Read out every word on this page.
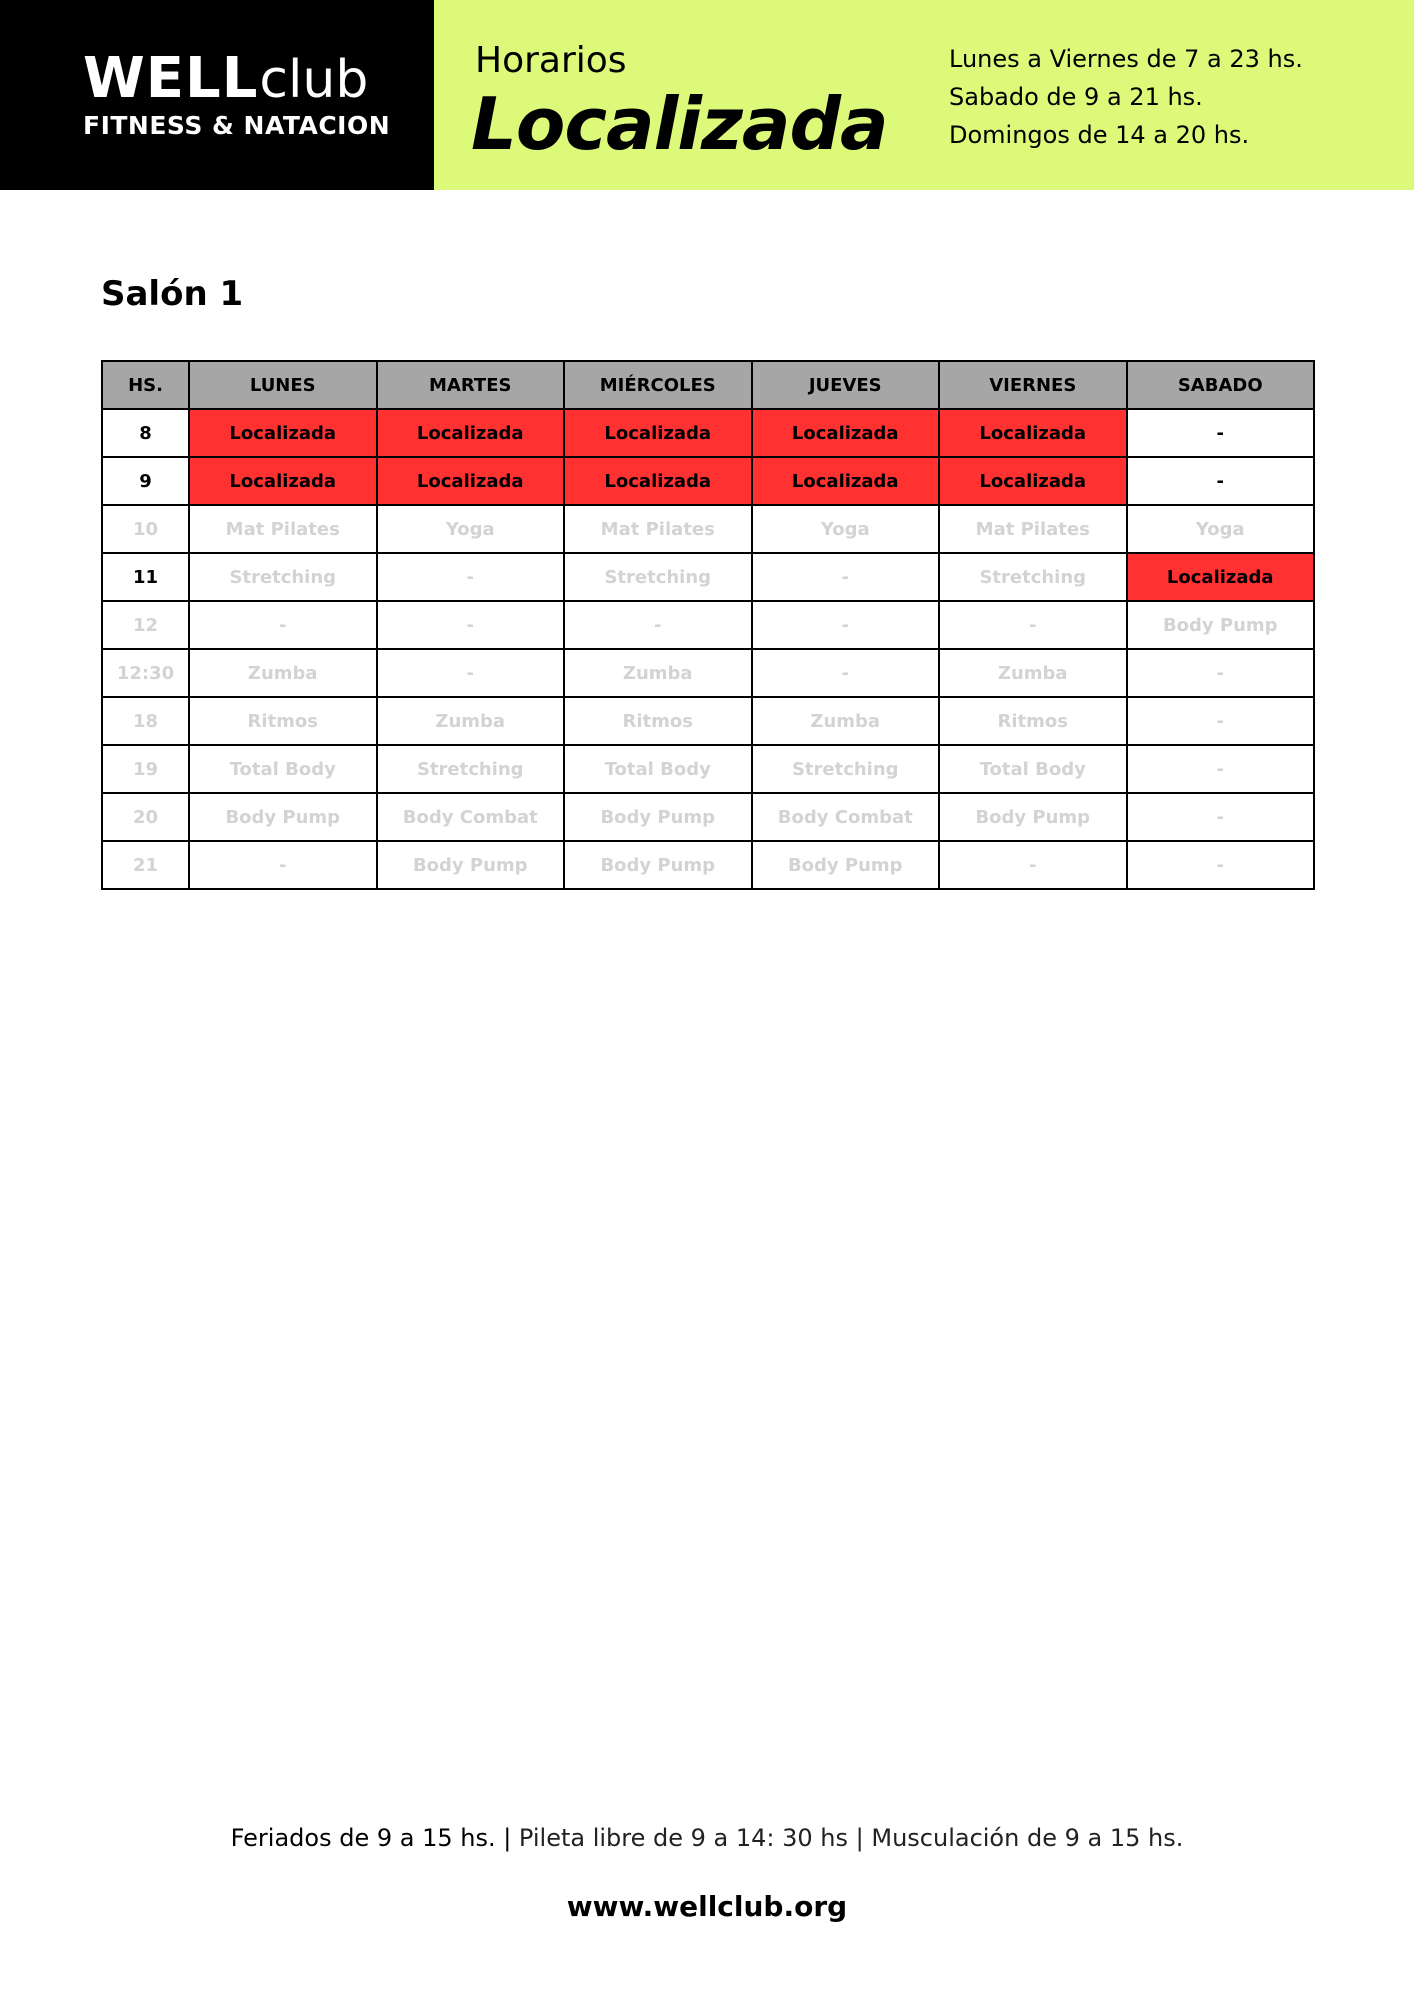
WELL club
FITNESS & NATACION
Horarios
Localizada
Lunes a Viernes de 7 a 23 hs.
Sabado de 9 a 21 hs.
Domingos de 14 a 20 hs.
Salón 1
HS.	LUNES	MARTES	MIÉRCOLES	JUEVES	VIERNES	SABADO
8	Localizada	Localizada	Localizada	Localizada	Localizada	-
9	Localizada	Localizada	Localizada	Localizada	Localizada	-
10	Mat Pilates	Yoga	Mat Pilates	Yoga	Mat Pilates	Yoga
11	Stretching	-	Stretching	-	Stretching	Localizada
12	-	-	-	-	-	Body Pump
12:30	Zumba	-	Zumba	-	Zumba	-
18	Ritmos	Zumba	Ritmos	Zumba	Ritmos	-
19	Total Body	Stretching	Total Body	Stretching	Total Body	-
20	Body Pump	Body Combat	Body Pump	Body Combat	Body Pump	-
21	-	Body Pump	Body Pump	Body Pump	-	-
Feriados de 9 a 15 hs. | Pileta libre de 9 a 14: 30 hs | Musculación de 9 a 15 hs.
www.wellclub.org
